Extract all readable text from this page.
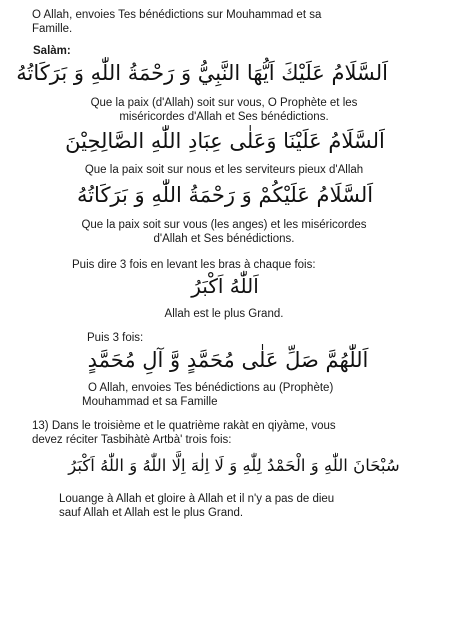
O Allah, envoies Tes bénédictions sur Mouhammad et sa
Famille.
Salàm:
اَلسَّلَامُ عَلَيْكَ اَيُّهَا النَّبِيُّ وَ رَحْمَةُ اللّٰهِ وَ بَرَكَاتُهُ
Que la paix (d'Allah) soit sur vous, O Prophète et les
miséricordes d'Allah et Ses bénédictions.
اَلسَّلَامُ عَلَيْنَا وَعَلٰى عِبَادِ اللّٰهِ الصَّالِحِيْنَ
Que la paix soit sur nous et les serviteurs pieux d'Allah
اَلسَّلَامُ عَلَيْكُمْ وَ رَحْمَةُ اللّٰهِ وَ بَرَكَاتُهُ
Que la paix soit sur vous (les anges) et les miséricordes
d'Allah et Ses bénédictions.
Puis dire 3 fois en levant les bras à chaque fois:
اَللّٰهُ اَكْبَرُ
Allah est le plus Grand.
Puis 3 fois:
اَللّٰهُمَّ صَلِّ عَلٰى مُحَمَّدٍ وَّ آلِ مُحَمَّدٍ
O Allah, envoies Tes bénédictions au (Prophète)
Mouhammad et sa Famille
13) Dans le troisième et le quatrième rakàt en qiyàme, vous
devez réciter Tasbihàtè Artbà' trois fois:
سُبْحَانَ اللّٰهِ وَ الْحَمْدُ لِلّٰهِ وَ لَا اِلٰهَ اِلَّا اللّٰهُ وَ اللّٰهُ اَكْبَرُ
Louange à Allah et gloire à Allah et il n'y a pas de dieu
sauf Allah et Allah est le plus Grand.
